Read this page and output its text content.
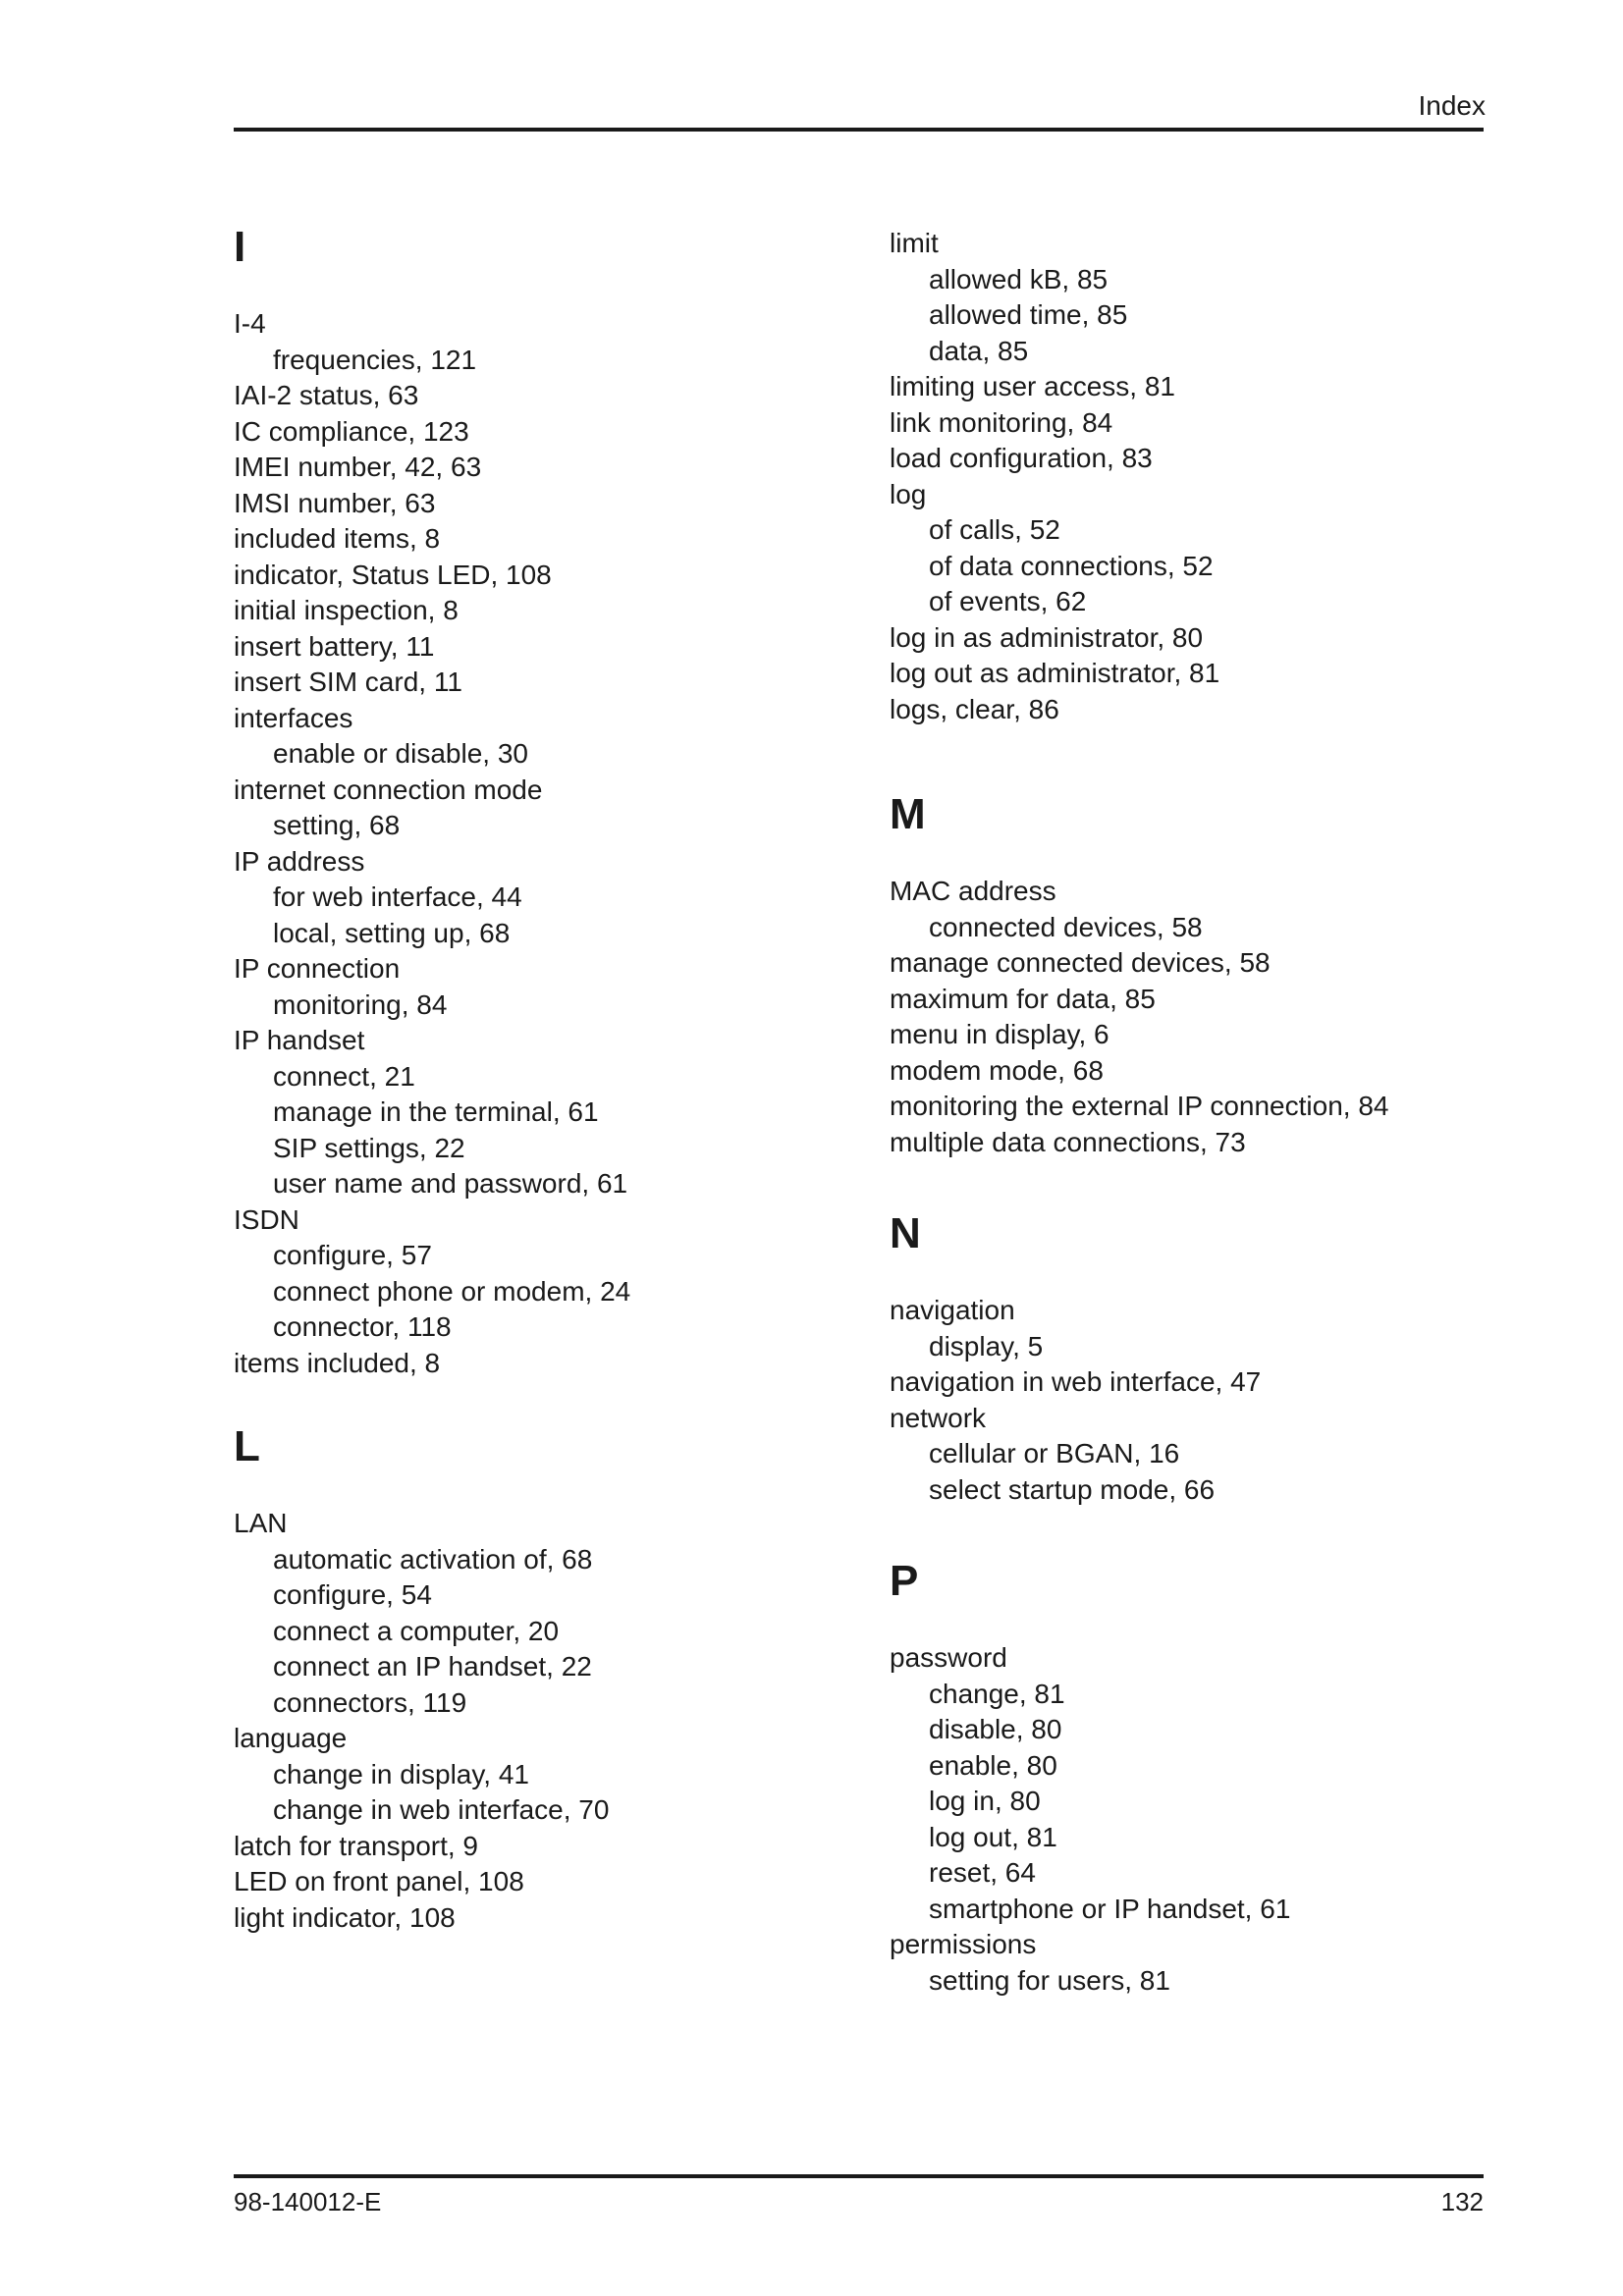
Index
I
I-4
frequencies, 121
IAI-2 status, 63
IC compliance, 123
IMEI number, 42, 63
IMSI number, 63
included items, 8
indicator, Status LED, 108
initial inspection, 8
insert battery, 11
insert SIM card, 11
interfaces
enable or disable, 30
internet connection mode
setting, 68
IP address
for web interface, 44
local, setting up, 68
IP connection
monitoring, 84
IP handset
connect, 21
manage in the terminal, 61
SIP settings, 22
user name and password, 61
ISDN
configure, 57
connect phone or modem, 24
connector, 118
items included, 8
L
LAN
automatic activation of, 68
configure, 54
connect a computer, 20
connect an IP handset, 22
connectors, 119
language
change in display, 41
change in web interface, 70
latch for transport, 9
LED on front panel, 108
light indicator, 108
limit
allowed kB, 85
allowed time, 85
data, 85
limiting user access, 81
link monitoring, 84
load configuration, 83
log
of calls, 52
of data connections, 52
of events, 62
log in as administrator, 80
log out as administrator, 81
logs, clear, 86
M
MAC address
connected devices, 58
manage connected devices, 58
maximum for data, 85
menu in display, 6
modem mode, 68
monitoring the external IP connection, 84
multiple data connections, 73
N
navigation
display, 5
navigation in web interface, 47
network
cellular or BGAN, 16
select startup mode, 66
P
password
change, 81
disable, 80
enable, 80
log in, 80
log out, 81
reset, 64
smartphone or IP handset, 61
permissions
setting for users, 81
98-140012-E	132
